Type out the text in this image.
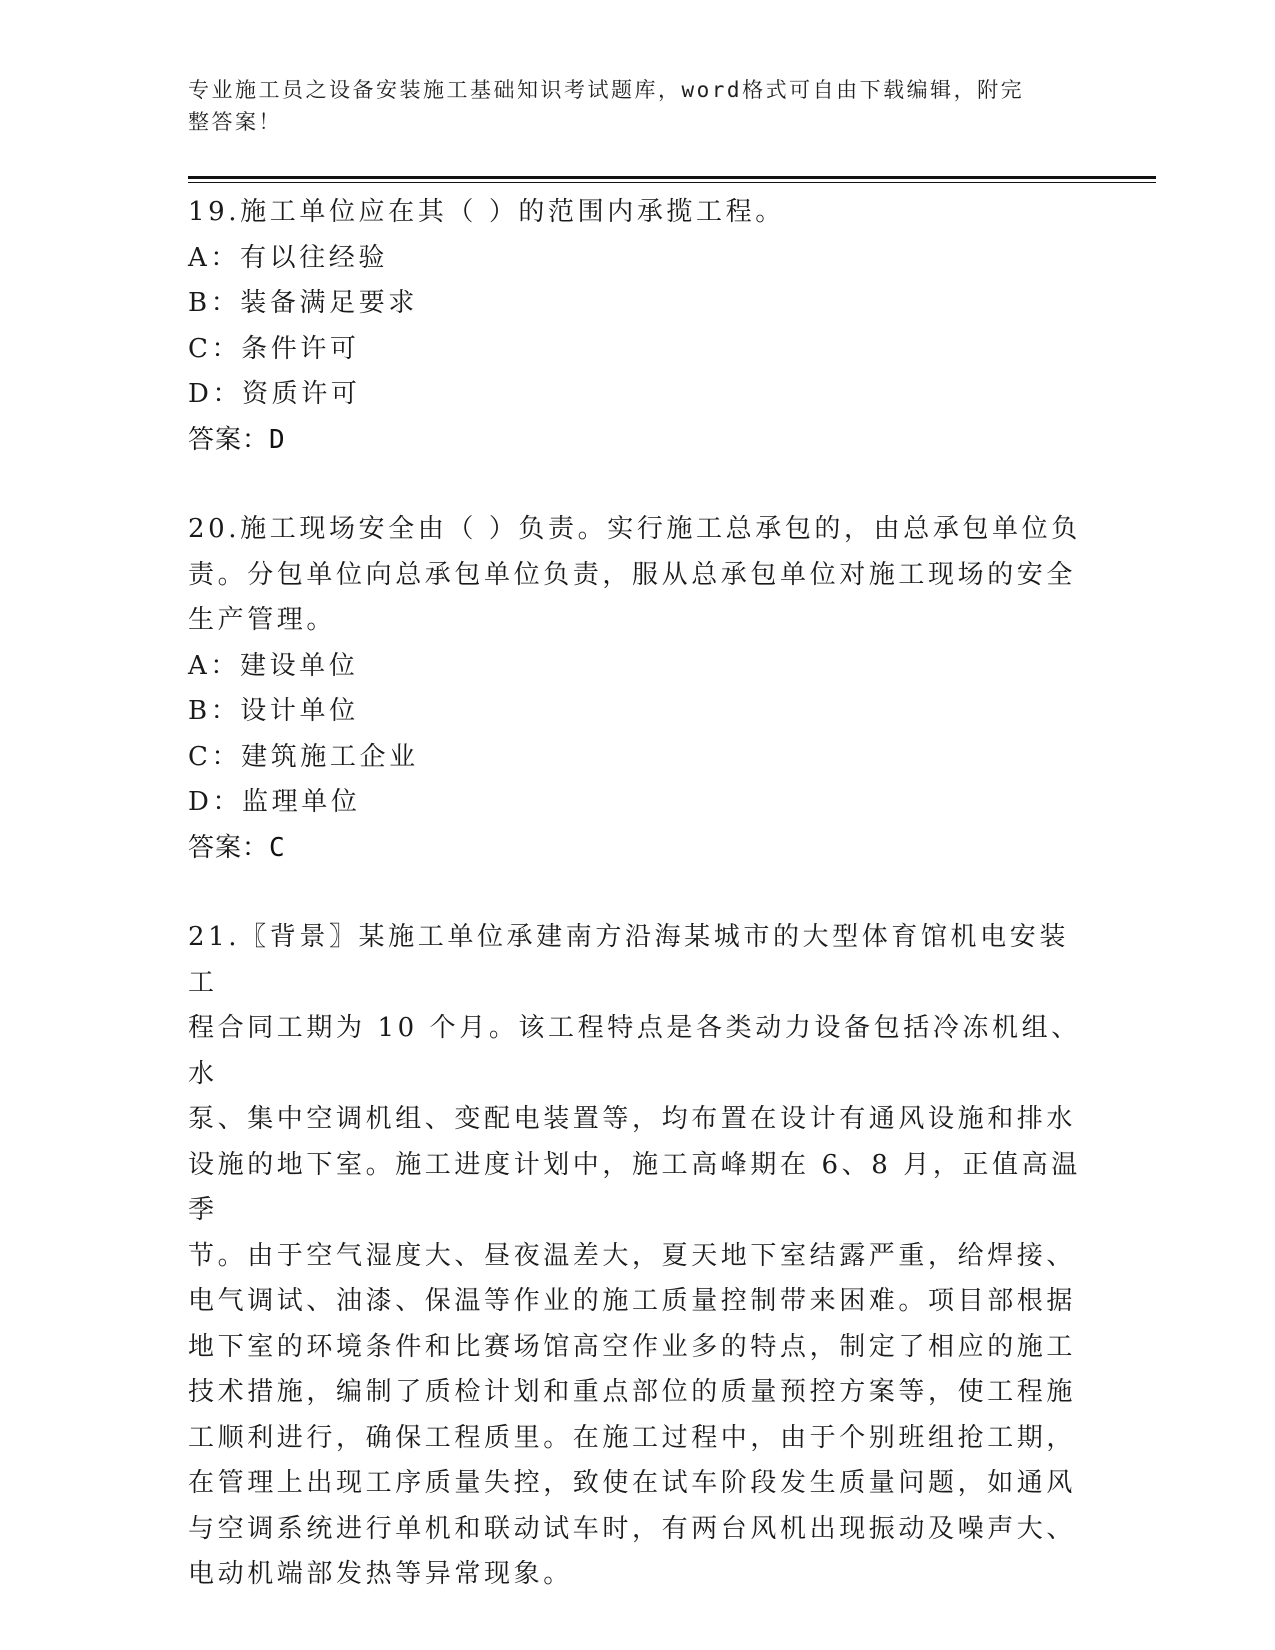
专业施工员之设备安装施工基础知识考试题库，word格式可自由下载编辑，附完
整答案！

19.施工单位应在其（ ）的范围内承揽工程。

A：有以往经验

B：装备满足要求

C：条件许可

D：资质许可

答案：D

20.施工现场安全由（ ）负责。实行施工总承包的，由总承包单位负

责。分包单位向总承包单位负责，服从总承包单位对施工现场的安全

生产管理。

A：建设单位

B：设计单位

C：建筑施工企业

D：监理单位

答案：C

21.〖背景〗某施工单位承建南方沿海某城市的大型体育馆机电安装工

程合同工期为 10 个月。该工程特点是各类动力设备包括冷冻机组、水

泵、集中空调机组、变配电装置等，均布置在设计有通风设施和排水

设施的地下室。施工进度计划中，施工高峰期在 6、8 月，正值高温季

节。由于空气湿度大、昼夜温差大，夏天地下室结露严重，给焊接、

电气调试、油漆、保温等作业的施工质量控制带来困难。项目部根据

地下室的环境条件和比赛场馆高空作业多的特点，制定了相应的施工

技术措施，编制了质检计划和重点部位的质量预控方案等，使工程施

工顺利进行，确保工程质里。在施工过程中，由于个别班组抢工期，

在管理上出现工序质量失控，致使在试车阶段发生质量问题，如通风

与空调系统进行单机和联动试车时，有两台风机出现振动及噪声大、

电动机端部发热等异常现象。
